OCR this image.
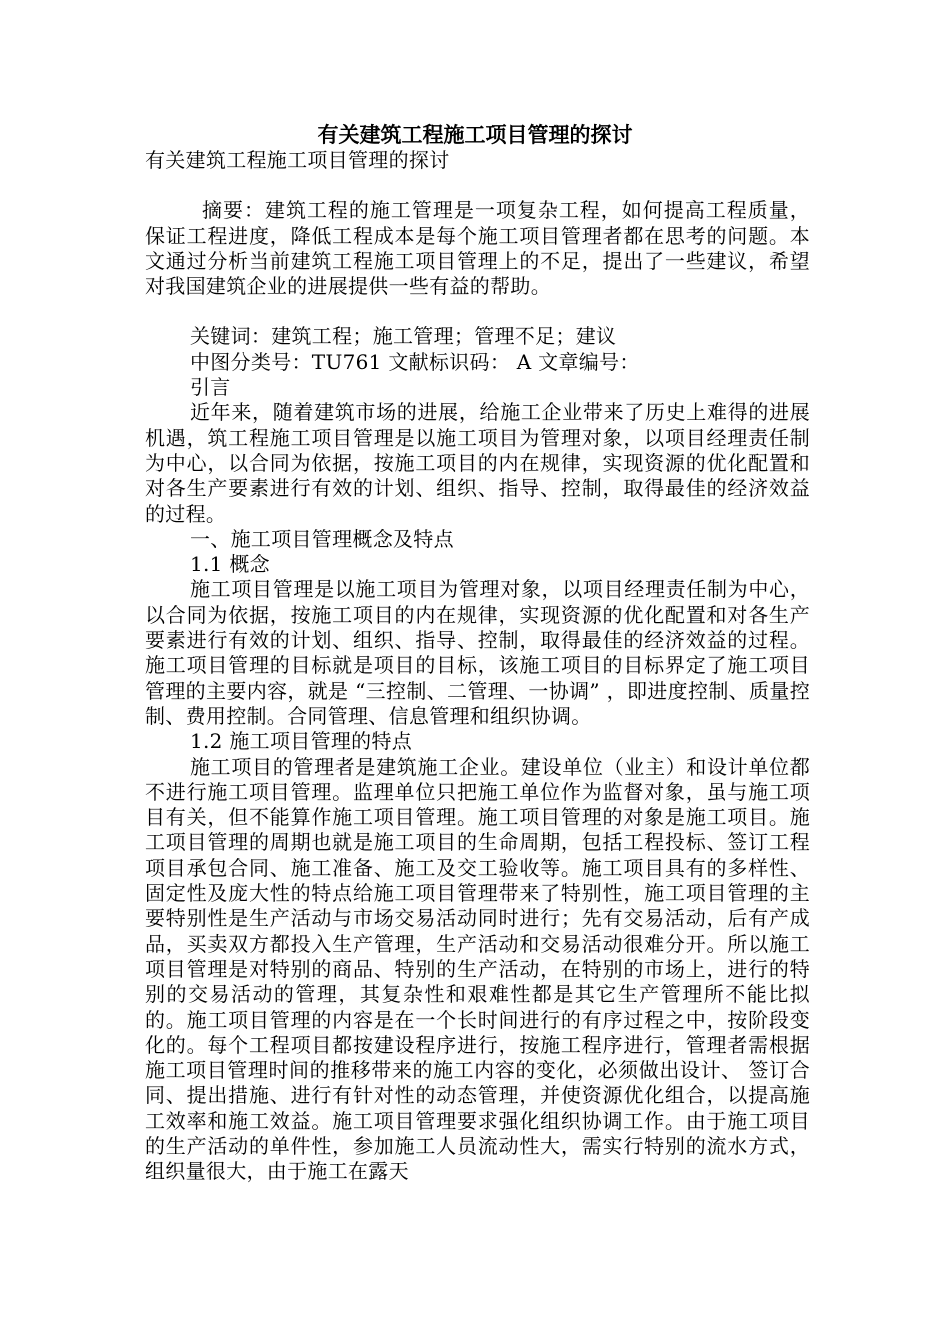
有关建筑工程施工项目管理的探讨

有关建筑工程施工项目管理的探讨

摘要：建筑工程的施工管理是一项复杂工程，如何提高工程质量，保证工程进度，降低工程成本是每个施工项目管理者都在思考的问题。本文通过分析当前建筑工程施工项目管理上的不足，提出了一些建议，希望对我国建筑企业的进展提供一些有益的帮助。

关键词：建筑工程；施工管理；管理不足；建议

中图分类号：TU761 文献标识码： A 文章编号：

引言

近年来，随着建筑市场的进展，给施工企业带来了历史上难得的进展机遇，筑工程施工项目管理是以施工项目为管理对象，以项目经理责任制为中心，以合同为依据，按施工项目的内在规律，实现资源的优化配置和对各生产要素进行有效的计划、组织、指导、控制，取得最佳的经济效益的过程。

一、施工项目管理概念及特点

1.1 概念

施工项目管理是以施工项目为管理对象，以项目经理责任制为中心，以合同为依据，按施工项目的内在规律，实现资源的优化配置和对各生产要素进行有效的计划、组织、指导、控制，取得最佳的经济效益的过程。施工项目管理的目标就是项目的目标，该施工项目的目标界定了施工项目管理的主要内容，就是 “三控制、二管理、一协调” ，即进度控制、质量控制、费用控制。合同管理、信息管理和组织协调。

1.2 施工项目管理的特点

施工项目的管理者是建筑施工企业。建设单位（业主）和设计单位都不进行施工项目管理。监理单位只把施工单位作为监督对象，虽与施工项目有关，但不能算作施工项目管理。施工项目管理的对象是施工项目。施工项目管理的周期也就是施工项目的生命周期，包括工程投标、签订工程项目承包合同、施工准备、施工及交工验收等。施工项目具有的多样性、固定性及庞大性的特点给施工项目管理带来了特别性，施工项目管理的主要特别性是生产活动与市场交易活动同时进行；先有交易活动，后有产成品，买卖双方都投入生产管理，生产活动和交易活动很难分开。所以施工项目管理是对特别的商品、特别的生产活动，在特别的市场上，进行的特别的交易活动的管理，其复杂性和艰难性都是其它生产管理所不能比拟的。施工项目管理的内容是在一个长时间进行的有序过程之中，按阶段变化的。每个工程项目都按建设程序进行，按施工程序进行，管理者需根据施工项目管理时间的推移带来的施工内容的变化，必须做出设计、 签订合同、提出措施、进行有针对性的动态管理，并使资源优化组合，以提高施工效率和施工效益。施工项目管理要求强化组织协调工作。由于施工项目的生产活动的单件性，参加施工人员流动性大，需实行特别的流水方式，组织量很大，由于施工在露天
